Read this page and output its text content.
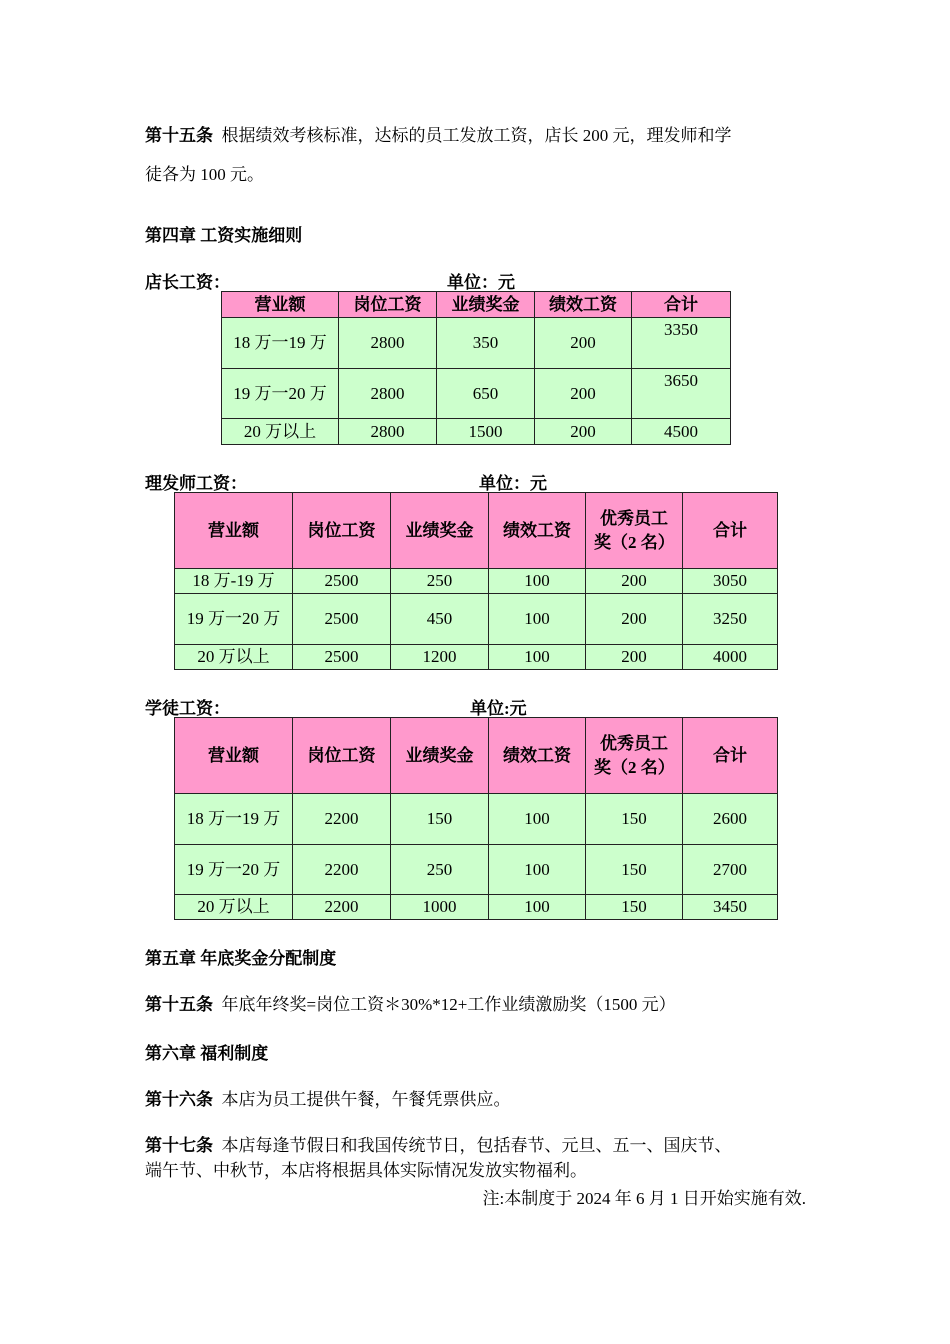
第十五条 根据绩效考核标准，达标的员工发放工资，店长 200 元，理发师和学
徒各为 100 元。
第四章 工资实施细则
店长工资：	单位：元
营业额	岗位工资	业绩奖金	绩效工资	合计
18 万一19 万	2800	350	200	3350
19 万一20 万	2800	650	200	3650
20 万以上	2800	1500	200	4500
理发师工资：	单位：元
营业额	岗位工资	业绩奖金	绩效工资	优秀员工奖（2 名）	合计
18 万-19 万	2500	250	100	200	3050
19 万一20 万	2500	450	100	200	3250
20 万以上	2500	1200	100	200	4000
学徒工资：	单位:元
营业额	岗位工资	业绩奖金	绩效工资	优秀员工奖（2 名）	合计
18 万一19 万	2200	150	100	150	2600
19 万一20 万	2200	250	100	150	2700
20 万以上	2200	1000	100	150	3450
第五章 年底奖金分配制度
第十五条 年底年终奖=岗位工资＊30%*12+工作业绩激励奖（1500 元）
第六章 福利制度
第十六条 本店为员工提供午餐，午餐凭票供应。
第十七条 本店每逢节假日和我国传统节日，包括春节、元旦、五一、国庆节、
端午节、中秋节，本店将根据具体实际情况发放实物福利。
注:本制度于 2024 年 6 月 1 日开始实施有效.
